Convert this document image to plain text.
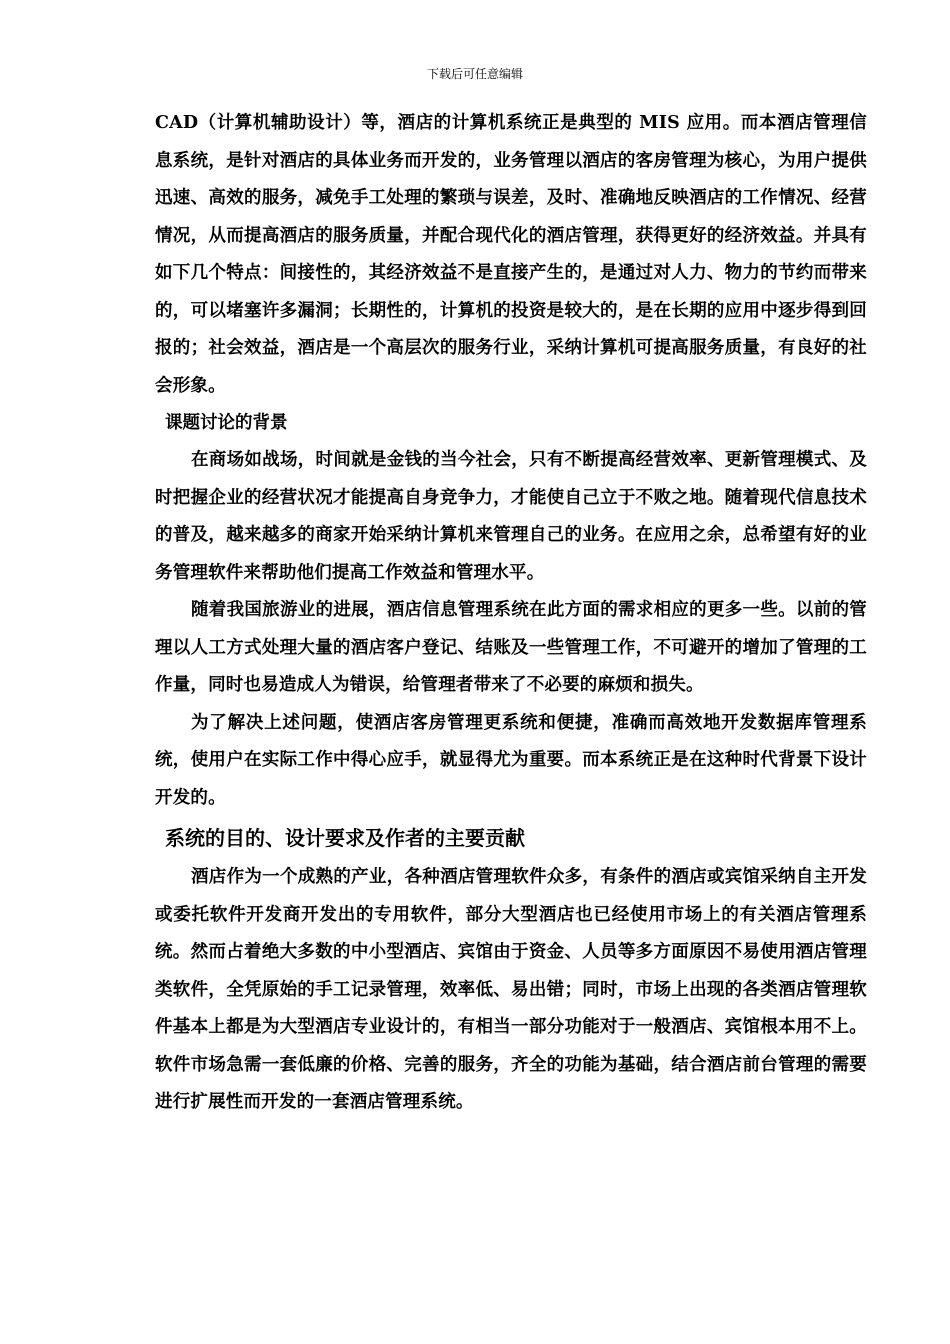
下载后可任意编辑

CAD（计算机辅助设计）等，酒店的计算机系统正是典型的 MIS 应用。而本酒店管理信息系统，是针对酒店的具体业务而开发的，业务管理以酒店的客房管理为核心，为用户提供迅速、高效的服务，减免手工处理的繁琐与误差，及时、准确地反映酒店的工作情况、经营情况，从而提高酒店的服务质量，并配合现代化的酒店管理，获得更好的经济效益。并具有如下几个特点：间接性的，其经济效益不是直接产生的，是通过对人力、物力的节约而带来的，可以堵塞许多漏洞；长期性的，计算机的投资是较大的，是在长期的应用中逐步得到回报的；社会效益，酒店是一个高层次的服务行业，采纳计算机可提高服务质量，有良好的社会形象。

课题讨论的背景

在商场如战场，时间就是金钱的当今社会，只有不断提高经营效率、更新管理模式、及时把握企业的经营状况才能提高自身竞争力，才能使自己立于不败之地。随着现代信息技术的普及，越来越多的商家开始采纳计算机来管理自己的业务。在应用之余，总希望有好的业务管理软件来帮助他们提高工作效益和管理水平。

随着我国旅游业的进展，酒店信息管理系统在此方面的需求相应的更多一些。以前的管理以人工方式处理大量的酒店客户登记、结账及一些管理工作，不可避开的增加了管理的工作量，同时也易造成人为错误，给管理者带来了不必要的麻烦和损失。

为了解决上述问题，使酒店客房管理更系统和便捷，准确而高效地开发数据库管理系统，使用户在实际工作中得心应手，就显得尤为重要。而本系统正是在这种时代背景下设计开发的。

系统的目的、设计要求及作者的主要贡献

酒店作为一个成熟的产业，各种酒店管理软件众多，有条件的酒店或宾馆采纳自主开发或委托软件开发商开发出的专用软件，部分大型酒店也已经使用市场上的有关酒店管理系统。然而占着绝大多数的中小型酒店、宾馆由于资金、人员等多方面原因不易使用酒店管理类软件，全凭原始的手工记录管理，效率低、易出错；同时，市场上出现的各类酒店管理软件基本上都是为大型酒店专业设计的，有相当一部分功能对于一般酒店、宾馆根本用不上。软件市场急需一套低廉的价格、完善的服务，齐全的功能为基础，结合酒店前台管理的需要进行扩展性而开发的一套酒店管理系统。
